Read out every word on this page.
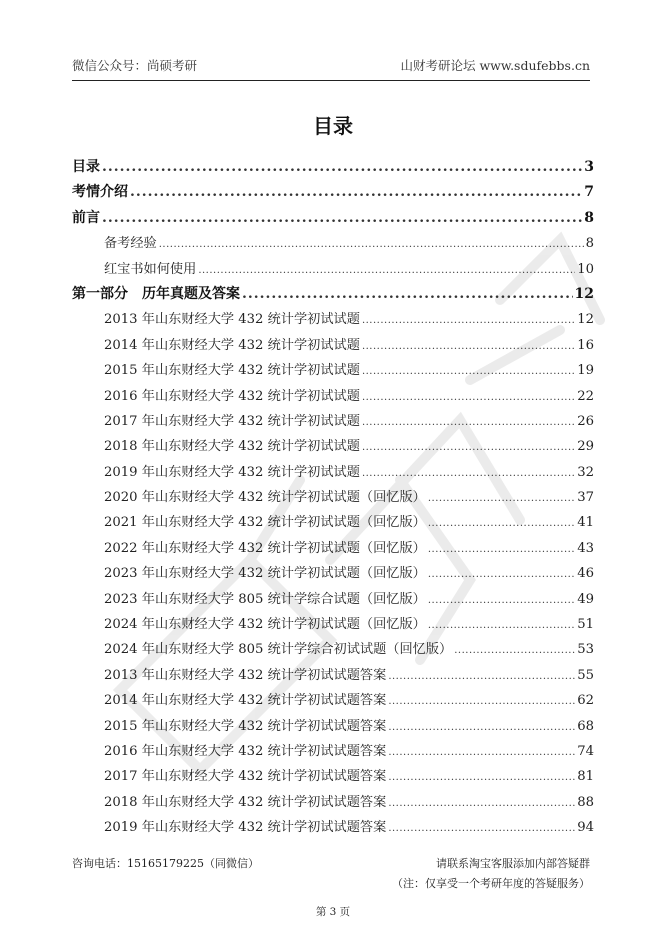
微信公众号：尚硕考研	山财考研论坛 www.sdufebbs.cn
目录
目录 .....	3
考情介绍 .....	7
前言 .....	8
备考经验 .....	8
红宝书如何使用 .....	10
第一部分　历年真题及答案 .....	12
2013 年山东财经大学 432 统计学初试试题 .....	12
2014 年山东财经大学 432 统计学初试试题 .....	16
2015 年山东财经大学 432 统计学初试试题 .....	19
2016 年山东财经大学 432 统计学初试试题 .....	22
2017 年山东财经大学 432 统计学初试试题 .....	26
2018 年山东财经大学 432 统计学初试试题 .....	29
2019 年山东财经大学 432 统计学初试试题 .....	32
2020 年山东财经大学 432 统计学初试试题（回忆版） .....	37
2021 年山东财经大学 432 统计学初试试题（回忆版） .....	41
2022 年山东财经大学 432 统计学初试试题（回忆版） .....	43
2023 年山东财经大学 432 统计学初试试题（回忆版） .....	46
2023 年山东财经大学 805 统计学综合试题（回忆版） .....	49
2024 年山东财经大学 432 统计学初试试题（回忆版） .....	51
2024 年山东财经大学 805 统计学综合初试试题（回忆版） .....	53
2013 年山东财经大学 432 统计学初试试题答案 .....	55
2014 年山东财经大学 432 统计学初试试题答案 .....	62
2015 年山东财经大学 432 统计学初试试题答案 .....	68
2016 年山东财经大学 432 统计学初试试题答案 .....	74
2017 年山东财经大学 432 统计学初试试题答案 .....	81
2018 年山东财经大学 432 统计学初试试题答案 .....	88
2019 年山东财经大学 432 统计学初试试题答案 .....	94
咨询电话：15165179225（同微信）	请联系淘宝客服添加内部答疑群
（注：仅享受一个考研年度的答疑服务）
第 3 页
